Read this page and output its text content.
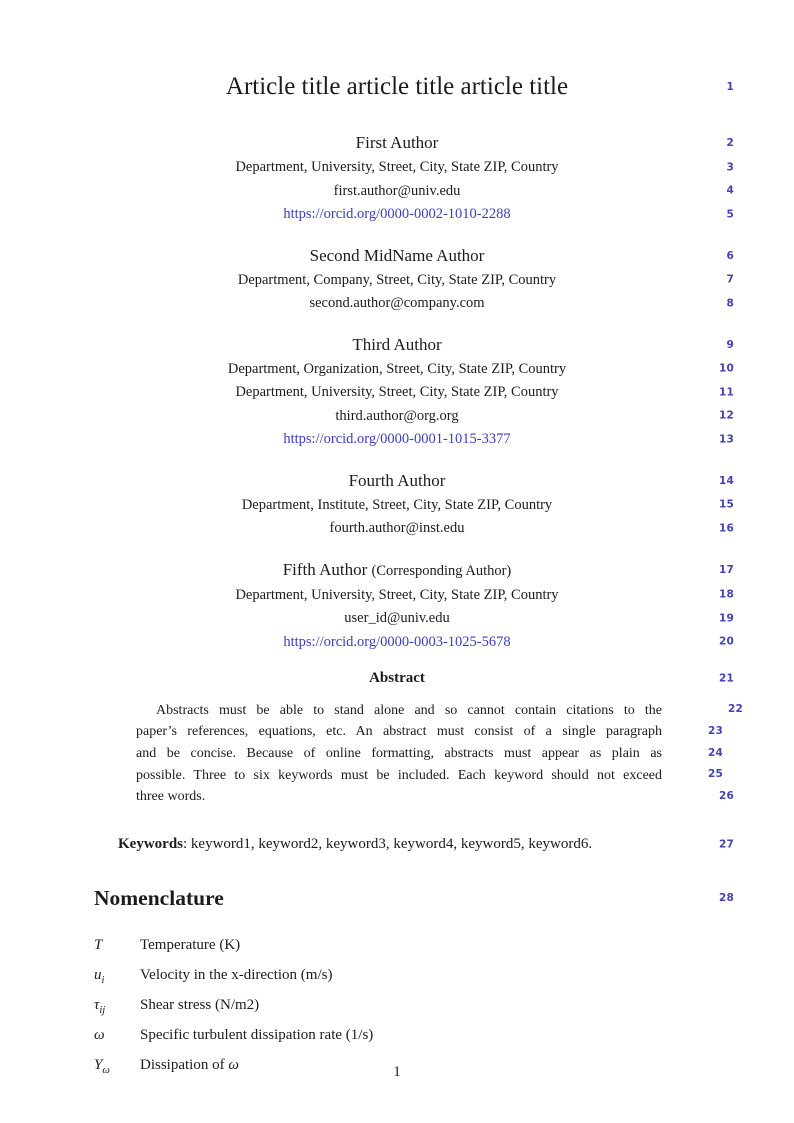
Article title article title article title	1
First Author	2
Department, University, Street, City, State ZIP, Country	3
first.author@univ.edu	4
https://orcid.org/0000-0002-1010-2288	5
Second MidName Author	6
Department, Company, Street, City, State ZIP, Country	7
second.author@company.com	8
Third Author	9
Department, Organization, Street, City, State ZIP, Country	10
Department, University, Street, City, State ZIP, Country	11
third.author@org.org	12
https://orcid.org/0000-0001-1015-3377	13
Fourth Author	14
Department, Institute, Street, City, State ZIP, Country	15
fourth.author@inst.edu	16
Fifth Author (Corresponding Author)	17
Department, University, Street, City, State ZIP, Country	18
user_id@univ.edu	19
https://orcid.org/0000-0003-1025-5678	20
Abstract	21
Abstracts must be able to stand alone and so cannot contain citations to the	22
paper’s references, equations, etc. An abstract must consist of a single paragraph	23
and be concise. Because of online formatting, abstracts must appear as plain as	24
possible. Three to six keywords must be included. Each keyword should not exceed	25
three words.	26
Keywords: keyword1, keyword2, keyword3, keyword4, keyword5, keyword6.	27
Nomenclature	28
T	Temperature (K)
$u_i$	Velocity in the x-direction (m/s)
$\tau_{ij}$	Shear stress (N/m2)
ω	Specific turbulent dissipation rate (1/s)
$Y_\omega$	Dissipation of ω	1
